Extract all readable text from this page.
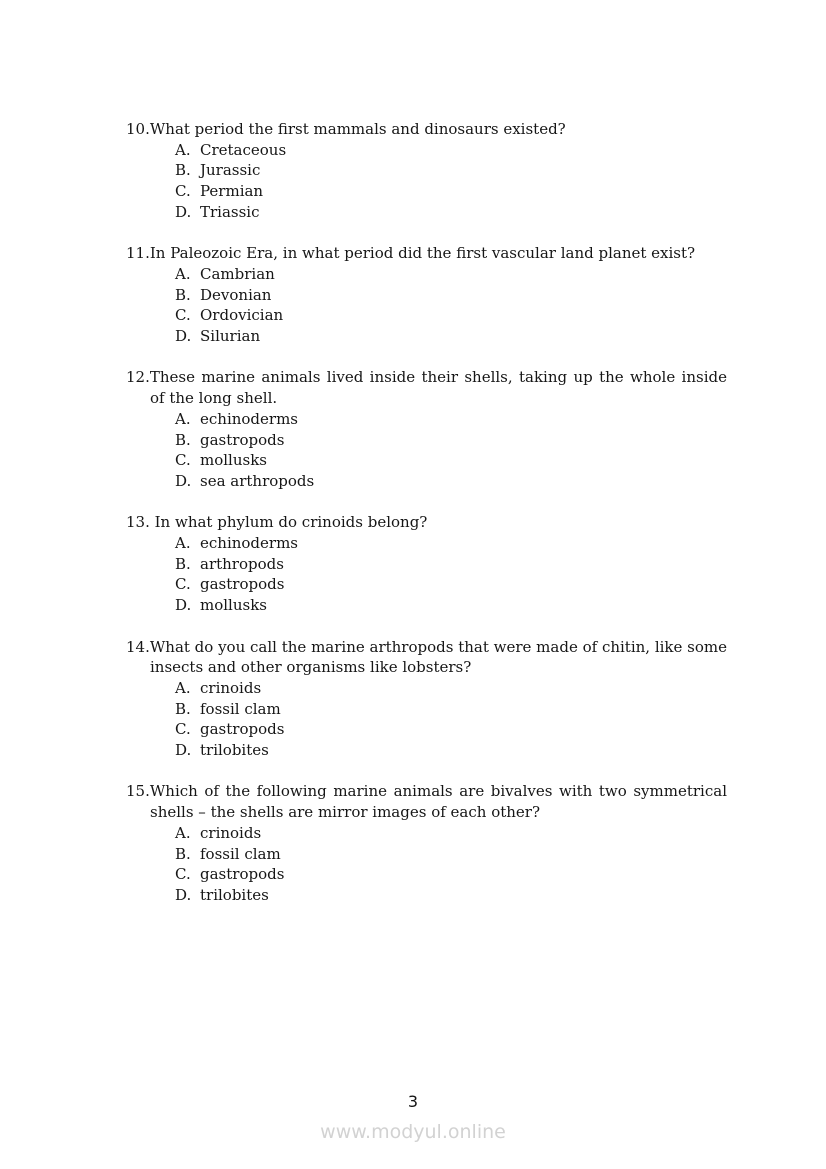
10.What period the first mammals and dinosaurs existed?
A. Cretaceous
B. Jurassic
C. Permian
D. Triassic
11.In Paleozoic Era, in what period did the first vascular land planet exist?
A. Cambrian
B. Devonian
C. Ordovician
D. Silurian
12.These marine animals lived inside their shells, taking up the whole inside of the long shell.
A. echinoderms
B. gastropods
C. mollusks
D. sea arthropods
13. In what phylum do crinoids belong?
A. echinoderms
B. arthropods
C. gastropods
D. mollusks
14.What do you call the marine arthropods that were made of chitin, like some insects and other organisms like lobsters?
A. crinoids
B. fossil clam
C. gastropods
D. trilobites
15.Which of the following marine animals are bivalves with two symmetrical shells – the shells are mirror images of each other?
A. crinoids
B. fossil clam
C. gastropods
D. trilobites
3
www.modyul.online
